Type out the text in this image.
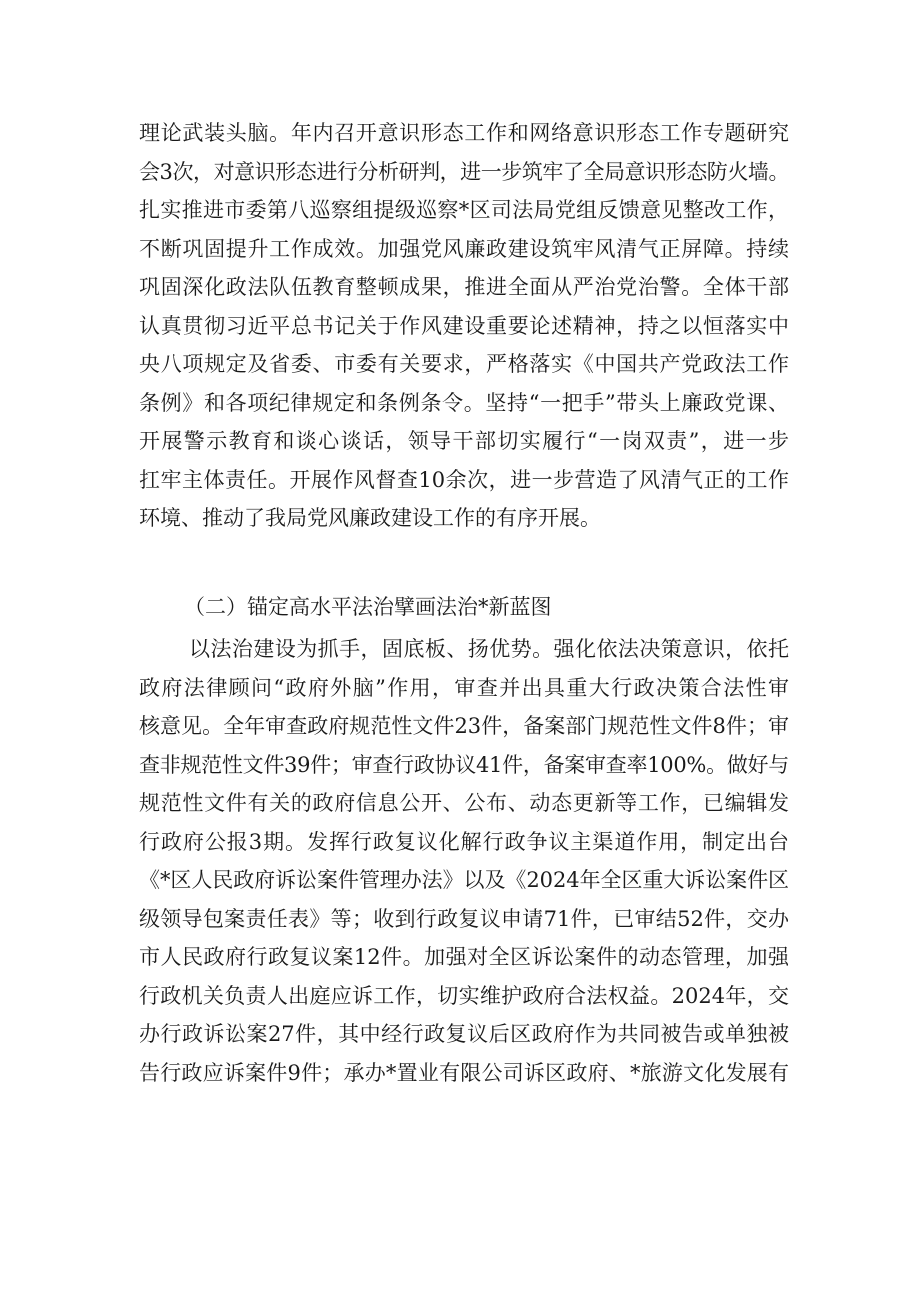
理论武装头脑。年内召开意识形态工作和网络意识形态工作专题研究
会3次，对意识形态进行分析研判，进一步筑牢了全局意识形态防火墙。
扎实推进市委第八巡察组提级巡察*区司法局党组反馈意见整改工作，
不断巩固提升工作成效。加强党风廉政建设筑牢风清气正屏障。持续
巩固深化政法队伍教育整顿成果，推进全面从严治党治警。全体干部
认真贯彻习近平总书记关于作风建设重要论述精神，持之以恒落实中
央八项规定及省委、市委有关要求，严格落实《中国共产党政法工作
条例》和各项纪律规定和条例条令。坚持“一把手”带头上廉政党课、
开展警示教育和谈心谈话，领导干部切实履行“一岗双责”，进一步
扛牢主体责任。开展作风督查10余次，进一步营造了风清气正的工作
环境、推动了我局党风廉政建设工作的有序开展。
（二）锚定高水平法治擘画法治*新蓝图
以法治建设为抓手，固底板、扬优势。强化依法决策意识，依托
政府法律顾问“政府外脑”作用，审查并出具重大行政决策合法性审
核意见。全年审查政府规范性文件23件，备案部门规范性文件8件；审
查非规范性文件39件；审查行政协议41件，备案审查率100%。做好与
规范性文件有关的政府信息公开、公布、动态更新等工作，已编辑发
行政府公报3期。发挥行政复议化解行政争议主渠道作用，制定出台
《*区人民政府诉讼案件管理办法》以及《2024年全区重大诉讼案件区
级领导包案责任表》等；收到行政复议申请71件，已审结52件，交办
市人民政府行政复议案12件。加强对全区诉讼案件的动态管理，加强
行政机关负责人出庭应诉工作，切实维护政府合法权益。2024年，交
办行政诉讼案27件，其中经行政复议后区政府作为共同被告或单独被
告行政应诉案件9件；承办*置业有限公司诉区政府、*旅游文化发展有
